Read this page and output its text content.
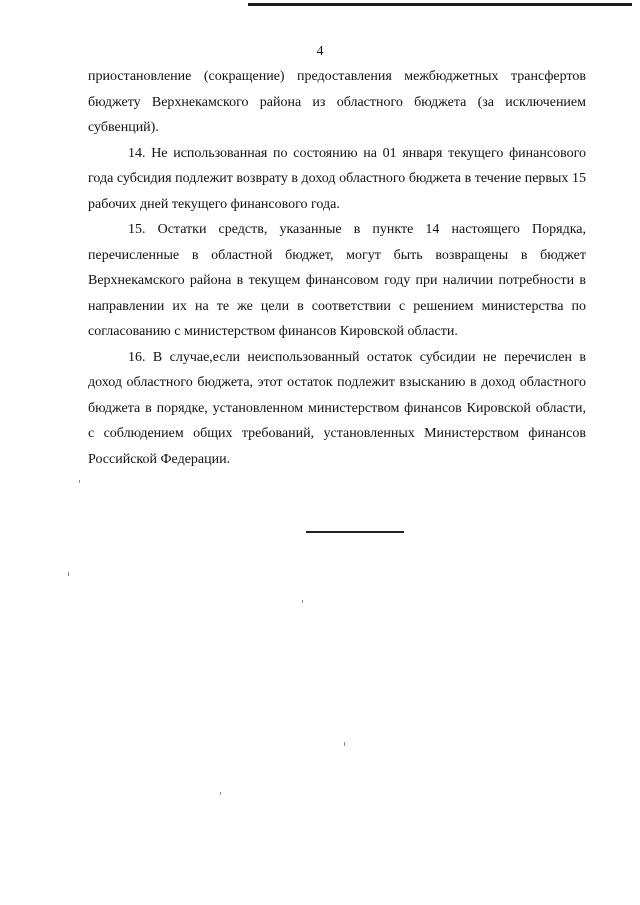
4

приостановление (сокращение) предоставления межбюджетных трансфертов бюджету Верхнекамского района из областного бюджета (за исключением субвенций).

14. Не использованная по состоянию на 01 января текущего финансового года субсидия подлежит возврату в доход областного бюджета в течение первых 15 рабочих дней текущего финансового года.

15. Остатки средств, указанные в пункте 14 настоящего Порядка, перечисленные в областной бюджет, могут быть возвращены в бюджет Верхнекамского района в текущем финансовом году при наличии потребности в направлении их на те же цели в соответствии с решением министерства по согласованию с министерством финансов Кировской области.

16. В случае,если неиспользованный остаток субсидии не перечислен в доход областного бюджета, этот остаток подлежит взысканию в доход областного бюджета в порядке, установленном министерством финансов Кировской области, с соблюдением общих требований, установленных Министерством финансов Российской Федерации.
